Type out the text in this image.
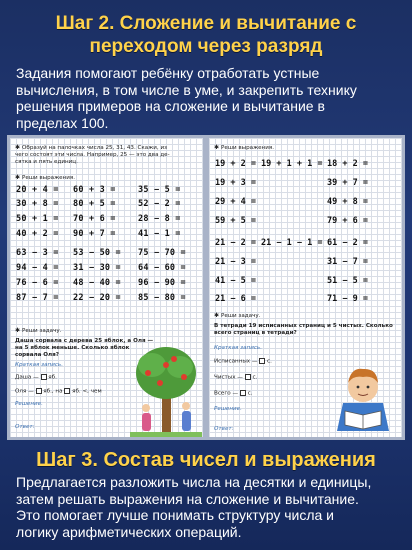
Шаг 2. Сложение и вычитание с
переходом через разряд
Задания помогают ребёнку отработать устные
вычисления, в том числе в уме, и закрепить технику
решения примеров на сложение и вычитание в
пределах 100.
✱ Образуй на палочках числа 25, 31, 43. Скажи, из
чего состоят эти числа. Например, 25 — это два де-
сятка и пять единиц.
✱ Реши выражения.
20 + 4 =
30 + 8 =
50 + 1 =
40 + 2 =
63 − 3 =
94 − 4 =
76 − 6 =
87 − 7 =
60 + 3 =
80 + 5 =
70 + 6 =
90 + 7 =
53 − 50 =
31 − 30 =
48 − 40 =
22 − 20 =
35 − 5 =
52 − 2 =
28 − 8 =
41 − 1 =
75 − 70 =
64 − 60 =
96 − 90 =
85 − 80 =
✱ Реши задачу.
Даша сорвала с дерева 25 яблок, а Оля — на 5 яблок меньше. Сколько яблок сорвала Оля?
Краткая запись.
Даша — яб.
Оля — яб., на яб. <, чем
Решение.
Ответ:
✱ Реши выражения.
19 + 2 = 19 + 1 + 1 =
19 + 3 =
29 + 4 =
59 + 5 =
21 − 2 = 21 − 1 − 1 =
21 − 3 =
41 − 5 =
21 − 6 =
18 + 2 =
39 + 7 =
49 + 8 =
79 + 6 =
61 − 2 =
31 − 7 =
51 − 5 =
71 − 9 =
✱ Реши задачу.
В тетради 19 исписанных страниц и 5 чистых. Сколько всего страниц в тетради?
Краткая запись.
Исписанных — с.
Чистых — с.
Всего — с.
Решение.
Ответ:
Шаг 3. Состав чисел и выражения
Предлагается разложить числа на десятки и единицы,
затем решать выражения на сложение и вычитание.
Это помогает лучше понимать структуру числа и
логику арифметических операций.
